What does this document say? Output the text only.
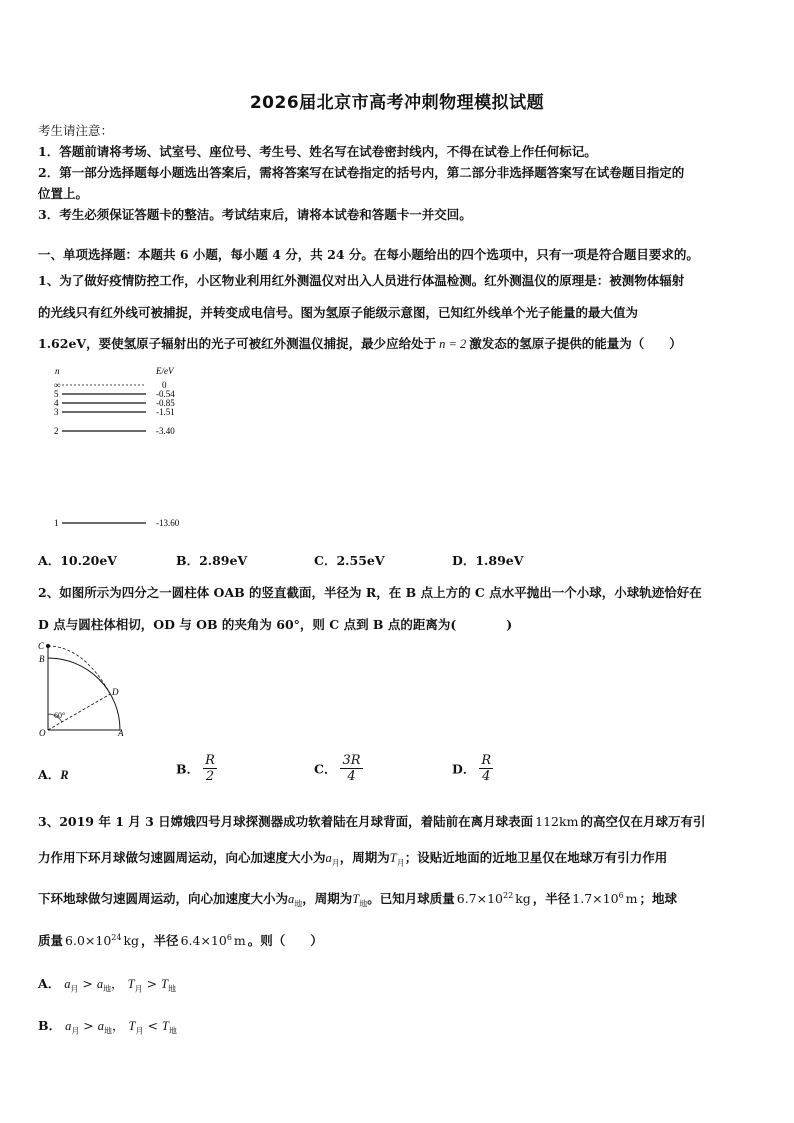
2026届北京市高考冲刺物理模拟试题
考生请注意：
1．答题前请将考场、试室号、座位号、考生号、姓名写在试卷密封线内，不得在试卷上作任何标记。
2．第一部分选择题每小题选出答案后，需将答案写在试卷指定的括号内，第二部分非选择题答案写在试卷题目指定的
位置上。
3．考生必须保证答题卡的整洁。考试结束后，请将本试卷和答题卡一并交回。
一、单项选择题：本题共 6 小题，每小题 4 分，共 24 分。在每小题给出的四个选项中，只有一项是符合题目要求的。
1、为了做好疫情防控工作，小区物业利用红外测温仪对出入人员进行体温检测。红外测温仪的原理是：被测物体辐射
的光线只有红外线可被捕捉，并转变成电信号。图为氢原子能级示意图，已知红外线单个光子能量的最大值为
1.62eV，要使氢原子辐射出的光子可被红外测温仪捕捉，最少应给处于 n = 2 激发态的氢原子提供的能量为（　　）
n	E/eV
∞	0
5	-0.54
4	-0.85
3	-1.51
2	-3.40
1	-13.60
A．10.20eV	B．2.89eV	C．2.55eV	D．1.89eV
2、如图所示为四分之一圆柱体 OAB 的竖直截面，半径为 R，在 B 点上方的 C 点水平抛出一个小球，小球轨迹恰好在
D 点与圆柱体相切，OD 与 OB 的夹角为 60°，则 C 点到 B 点的距离为(　　　　)
60°
C
B
D
O	A
A．R	B． $\frac{R}{2}$	C． $\frac{3R}{4}$	D． $\frac{R}{4}$
3、2019 年 1 月 3 日嫦娥四号月球探测器成功软着陆在月球背面，着陆前在离月球表面 112km 的高空仅在月球万有引
力作用下环月球做匀速圆周运动，向心加速度大小为$a_月$，周期为$T_月$；设贴近地面的近地卫星仅在地球万有引力作用
下环地球做匀速圆周运动，向心加速度大小为$a_地$，周期为$T_地$。已知月球质量 $6.7\times 10^{22}$ kg ，半径 $1.7\times 10^6$ m ；地球
质量 $6.0\times 10^{24}$ kg ，半径 $6.4\times 10^6$ m 。则（　　）
A． $a_月 > a_地$， $T_月 > T_地$
B． $a_月 > a_地$， $T_月 < T_地$
